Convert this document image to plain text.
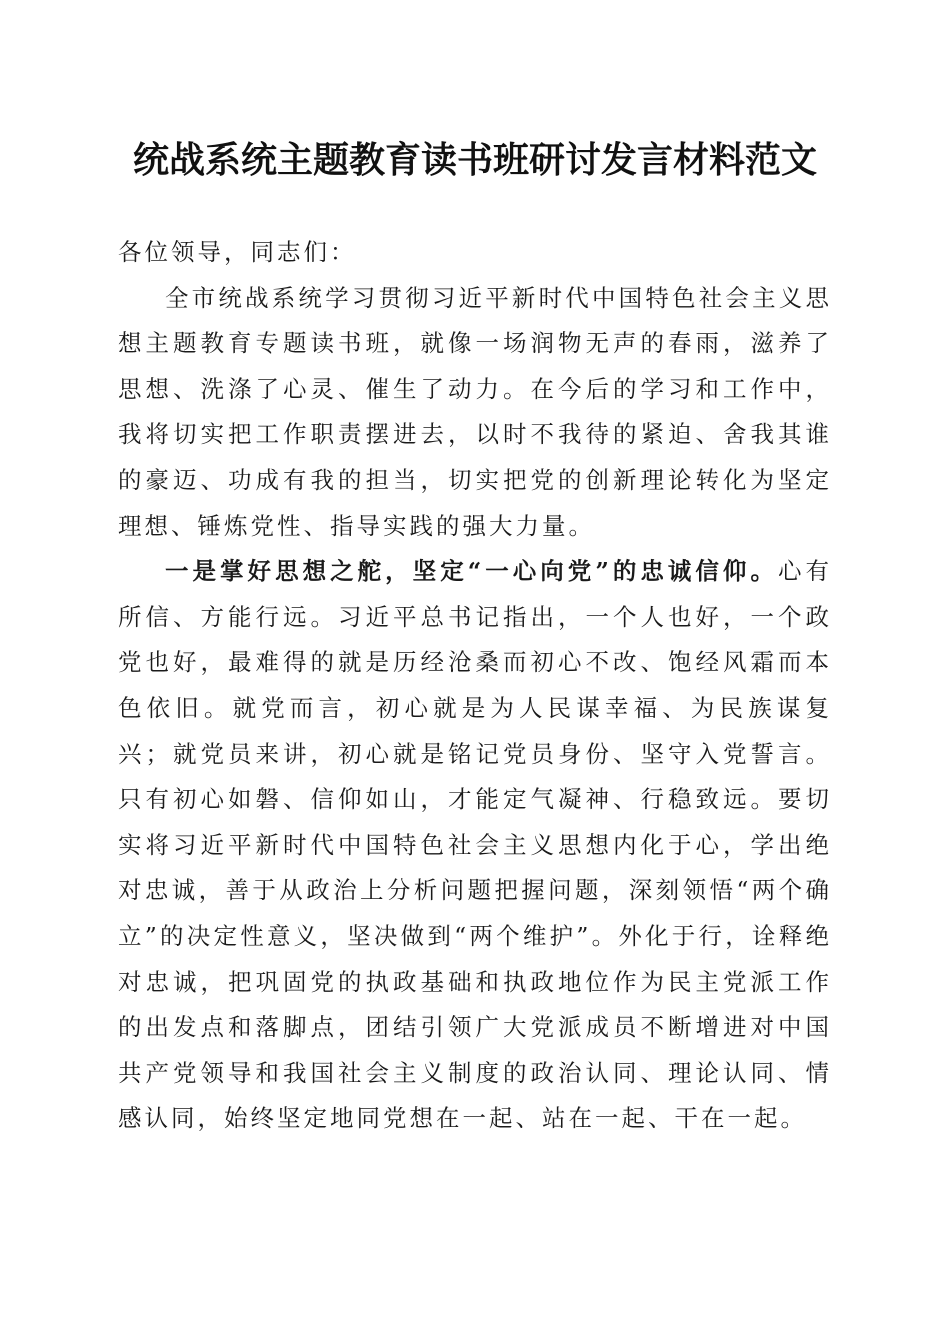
统战系统主题教育读书班研讨发言材料范文

各位领导，同志们：

全市统战系统学习贯彻习近平新时代中国特色社会主义思想主题教育专题读书班，就像一场润物无声的春雨，滋养了思想、洗涤了心灵、催生了动力。在今后的学习和工作中，我将切实把工作职责摆进去，以时不我待的紧迫、舍我其谁的豪迈、功成有我的担当，切实把党的创新理论转化为坚定理想、锤炼党性、指导实践的强大力量。

一是掌好思想之舵，坚定“一心向党”的忠诚信仰。心有所信、方能行远。习近平总书记指出，一个人也好，一个政党也好，最难得的就是历经沧桑而初心不改、饱经风霜而本色依旧。就党而言，初心就是为人民谋幸福、为民族谋复兴；就党员来讲，初心就是铭记党员身份、坚守入党誓言。只有初心如磐、信仰如山，才能定气凝神、行稳致远。要切实将习近平新时代中国特色社会主义思想内化于心，学出绝对忠诚，善于从政治上分析问题把握问题，深刻领悟“两个确立”的决定性意义，坚决做到“两个维护”。外化于行，诠释绝对忠诚，把巩固党的执政基础和执政地位作为民主党派工作的出发点和落脚点，团结引领广大党派成员不断增进对中国共产党领导和我国社会主义制度的政治认同、理论认同、情感认同，始终坚定地同党想在一起、站在一起、干在一起。
